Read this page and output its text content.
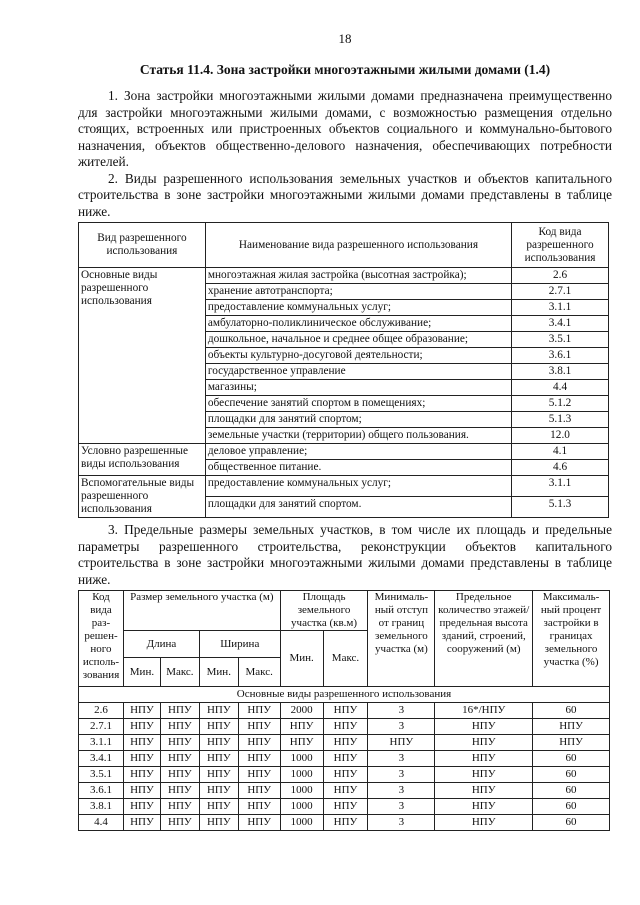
18
Статья 11.4. Зона застройки многоэтажными жилыми домами (1.4)

1. Зона застройки многоэтажными жилыми домами предназначена преимущественно для застройки многоэтажными жилыми домами, с возможностью размещения отдельно стоящих, встроенных или пристроенных объектов социального и коммунально-бытового назначения, объектов общественно-делового назначения, обеспечивающих потребности жителей.

2. Виды разрешенного использования земельных участков и объектов капитального строительства в зоне застройки многоэтажными жилыми домами представлены в таблице ниже.

Вид разрешенного использования	Наименование вида разрешенного использования	Код вида разрешенного использования
Основные виды разрешенного использования	многоэтажная жилая застройка (высотная застройка);	2.6
	хранение автотранспорта;	2.7.1
	предоставление коммунальных услуг;	3.1.1
	амбулаторно-поликлиническое обслуживание;	3.4.1
	дошкольное, начальное и среднее общее образование;	3.5.1
	объекты культурно-досуговой деятельности;	3.6.1
	государственное управление	3.8.1
	магазины;	4.4
	обеспечение занятий спортом в помещениях;	5.1.2
	площадки для занятий спортом;	5.1.3
	земельные участки (территории) общего пользования.	12.0
Условно разрешенные виды использования	деловое управление;	4.1
	общественное питание.	4.6
Вспомогательные виды разрешенного использования	предоставление коммунальных услуг;	3.1.1
	площадки для занятий спортом.	5.1.3

3. Предельные размеры земельных участков, в том числе их площадь и предельные параметры разрешенного строительства, реконструкции объектов капитального строительства в зоне застройки многоэтажными жилыми домами представлены в таблице ниже.

Код вида раз-решен-ного исполь-зования	Размер земельного участка (м)				Площадь земельного участка (кв.м)		Минималь-ный отступ от границ земельного участка (м)	Предельное количество этажей/ предельная высота зданий, строений, сооружений (м)	Максималь-ный процент застройки в границах земельного участка (%)
	Длина		Ширина		Мин.	Макс.			
	Мин.	Макс.	Мин.	Макс.					
Основные виды разрешенного использования									
2.6	НПУ	НПУ	НПУ	НПУ	2000	НПУ	3	16*/НПУ	60
2.7.1	НПУ	НПУ	НПУ	НПУ	НПУ	НПУ	3	НПУ	НПУ
3.1.1	НПУ	НПУ	НПУ	НПУ	НПУ	НПУ	НПУ	НПУ	НПУ
3.4.1	НПУ	НПУ	НПУ	НПУ	1000	НПУ	3	НПУ	60
3.5.1	НПУ	НПУ	НПУ	НПУ	1000	НПУ	3	НПУ	60
3.6.1	НПУ	НПУ	НПУ	НПУ	1000	НПУ	3	НПУ	60
3.8.1	НПУ	НПУ	НПУ	НПУ	1000	НПУ	3	НПУ	60
4.4	НПУ	НПУ	НПУ	НПУ	1000	НПУ	3	НПУ	60
